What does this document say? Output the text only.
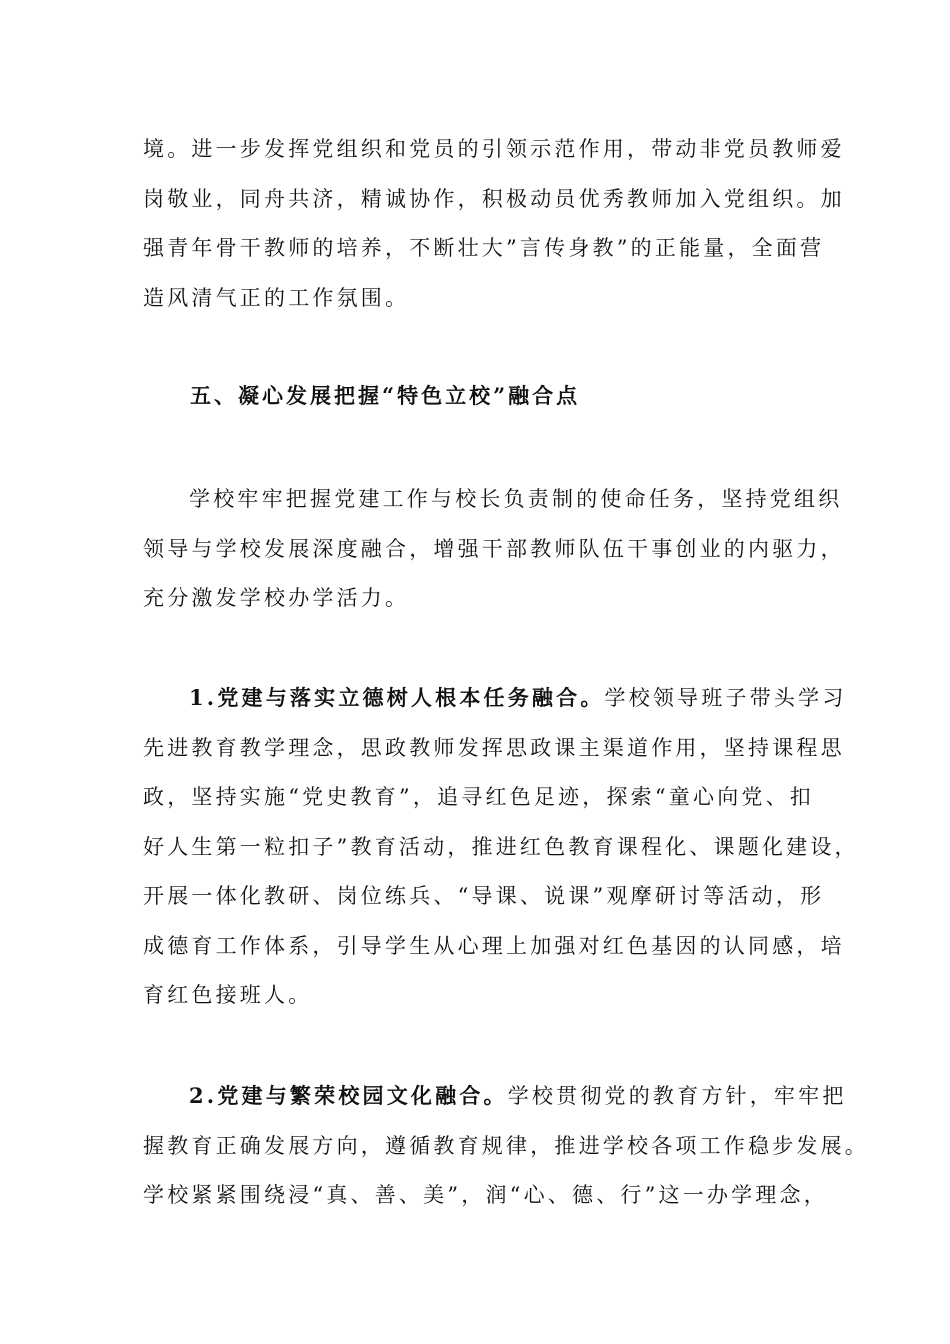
境。进一步发挥党组织和党员的引领示范作用，带动非党员教师爱
岗敬业，同舟共济，精诚协作，积极动员优秀教师加入党组织。加
强青年骨干教师的培养，不断壮大”言传身教”的正能量，全面营
造风清气正的工作氛围。

五、凝心发展把握“特色立校”融合点

学校牢牢把握党建工作与校长负责制的使命任务，坚持党组织
领导与学校发展深度融合，增强干部教师队伍干事创业的内驱力，
充分激发学校办学活力。

1.党建与落实立德树人根本任务融合。学校领导班子带头学习
先进教育教学理念，思政教师发挥思政课主渠道作用，坚持课程思
政，坚持实施“党史教育”，追寻红色足迹，探索“童心向党、扣
好人生第一粒扣子”教育活动，推进红色教育课程化、课题化建设，
开展一体化教研、岗位练兵、“导课、说课”观摩研讨等活动，形
成德育工作体系，引导学生从心理上加强对红色基因的认同感，培
育红色接班人。

2.党建与繁荣校园文化融合。学校贯彻党的教育方针，牢牢把
握教育正确发展方向，遵循教育规律，推进学校各项工作稳步发展。
学校紧紧围绕浸“真、善、美”，润“心、德、行”这一办学理念，
